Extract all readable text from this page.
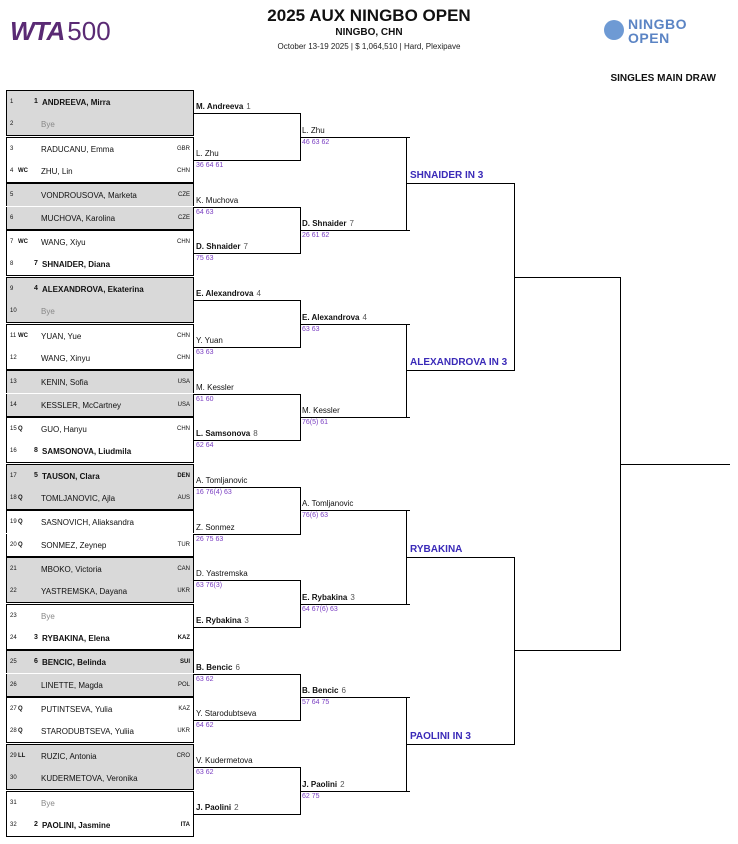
WTA 500
2025 AUX NINGBO OPEN
NINGBO, CHN
October 13-19 2025 | $ 1,064,510 | Hard, Plexipave
NINGBO
OPEN
SINGLES MAIN DRAW
1	1 ANDREEVA, Mirra
2	Bye
3	RADUCANU, Emma	GBR
4 WC ZHU, Lin	CHN
5	VONDROUSOVA, Marketa	CZE
6	MUCHOVA, Karolina	CZE
7 WC WANG, Xiyu	CHN
8	7 SHNAIDER, Diana
9	4 ALEXANDROVA, Ekaterina
10	Bye
11 WC YUAN, Yue	CHN
12	WANG, Xinyu	CHN
13	KENIN, Sofia	USA
14	KESSLER, McCartney	USA
15 Q GUO, Hanyu	CHN
16 8 SAMSONOVA, Liudmila
17 5 TAUSON, Clara	DEN
18 Q TOMLJANOVIC, Ajla	AUS
19 Q SASNOVICH, Aliaksandra
20 Q SONMEZ, Zeynep	TUR
21	MBOKO, Victoria	CAN
22	YASTREMSKA, Dayana	UKR
23	Bye
24 3 RYBAKINA, Elena	KAZ
25 6 BENCIC, Belinda	SUI
26	LINETTE, Magda	POL
27 Q PUTINTSEVA, Yulia	KAZ
28 Q STARODUBTSEVA, Yuliia	UKR
29 LL RUZIC, Antonia	CRO
30	KUDERMETOVA, Veronika
31	Bye
32 2 PAOLINI, Jasmine	ITA
M. Andreeva 1
L. Zhu
36 64 61
K. Muchova
64 63
D. Shnaider 7
75 63
E. Alexandrova 4
Y. Yuan
63 63
M. Kessler
61 60
L. Samsonova 8
62 64
A. Tomljanovic
16 76(4) 63
Z. Sonmez
26 75 63
D. Yastremska
63 76(3)
E. Rybakina 3
B. Bencic 6
63 62
Y. Starodubtseva
64 62
V. Kudermetova
63 62
J. Paolini 2
L. Zhu
46 63 62
D. Shnaider 7
26 61 62
E. Alexandrova 4
63 63
M. Kessler
76(5) 61
A. Tomljanovic
76(6) 63
E. Rybakina 3
64 67(6) 63
B. Bencic 6
57 64 75
J. Paolini 2
62 75
SHNAIDER IN 3
ALEXANDROVA IN 3
RYBAKINA
PAOLINI IN 3
